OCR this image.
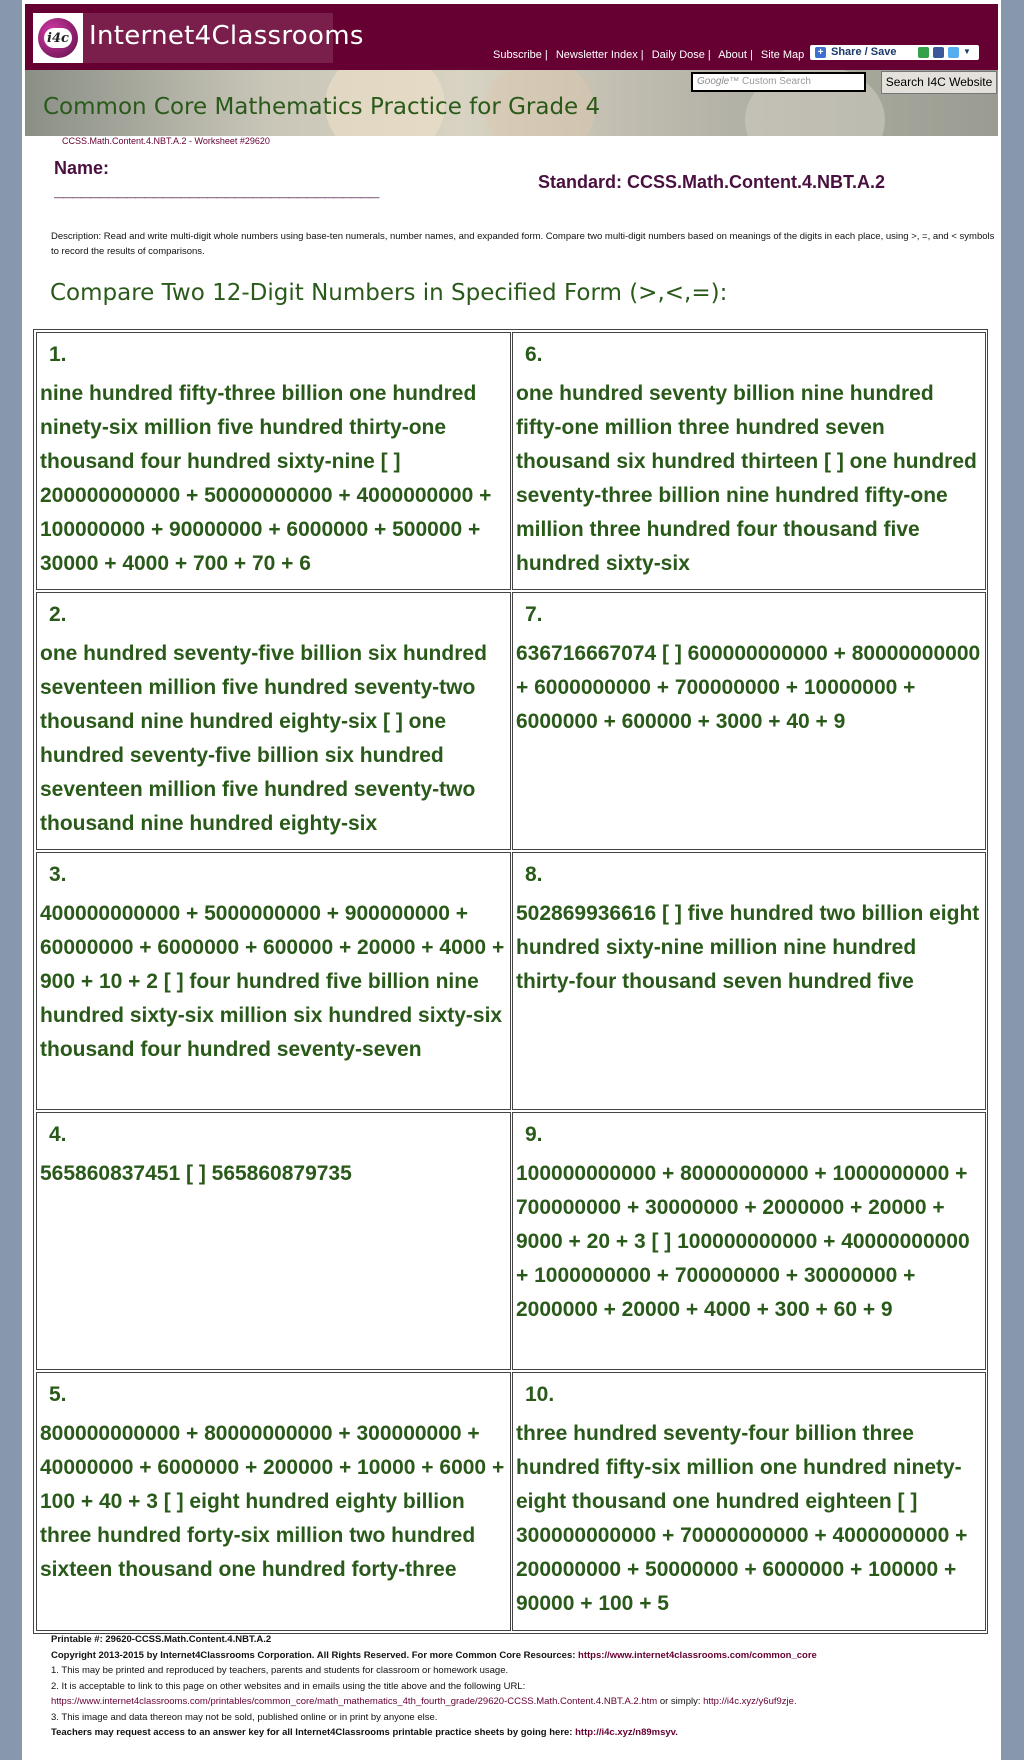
i4c Internet4Classrooms
Subscribe | Newsletter Index | Daily Dose | About | Site Map + Share / Save	▼
Google™ Custom Search	Search I4C Website
Common Core Mathematics Practice for Grade 4
CCSS.Math.Content.4.NBT.A.2 - Worksheet #29620
Name:
____________________________________	Standard: CCSS.Math.Content.4.NBT.A.2
Description: Read and write multi-digit whole numbers using base-ten numerals, number names, and expanded form. Compare two multi-digit numbers based on meanings of the digits in each place, using >, =, and < symbols to record the results of comparisons.
Compare Two 12-Digit Numbers in Specified Form (>,<,=):
1.
nine hundred fifty-three billion one hundred ninety-six million five hundred thirty-one thousand four hundred sixty-nine [ ] 200000000000 + 50000000000 + 4000000000 + 100000000 + 90000000 + 6000000 + 500000 + 30000 + 4000 + 700 + 70 + 6
6.
one hundred seventy billion nine hundred fifty-one million three hundred seven thousand six hundred thirteen [ ] one hundred seventy-three billion nine hundred fifty-one million three hundred four thousand five hundred sixty-six
2.
one hundred seventy-five billion six hundred seventeen million five hundred seventy-two thousand nine hundred eighty-six [ ] one hundred seventy-five billion six hundred seventeen million five hundred seventy-two thousand nine hundred eighty-six
7.
636716667074 [ ] 600000000000 + 80000000000 + 6000000000 + 700000000 + 10000000 + 6000000 + 600000 + 3000 + 40 + 9
3.
400000000000 + 5000000000 + 900000000 + 60000000 + 6000000 + 600000 + 20000 + 4000 + 900 + 10 + 2 [ ] four hundred five billion nine hundred sixty-six million six hundred sixty-six thousand four hundred seventy-seven
8.
502869936616 [ ] five hundred two billion eight hundred sixty-nine million nine hundred thirty-four thousand seven hundred five
4.
565860837451 [ ] 565860879735
9.
100000000000 + 80000000000 + 1000000000 + 700000000 + 30000000 + 2000000 + 20000 + 9000 + 20 + 3 [ ] 100000000000 + 40000000000 + 1000000000 + 700000000 + 30000000 + 2000000 + 20000 + 4000 + 300 + 60 + 9
5.
800000000000 + 80000000000 + 300000000 + 40000000 + 6000000 + 200000 + 10000 + 6000 + 100 + 40 + 3 [ ] eight hundred eighty billion three hundred forty-six million two hundred sixteen thousand one hundred forty-three
10.
three hundred seventy-four billion three hundred fifty-six million one hundred ninety-eight thousand one hundred eighteen [ ] 300000000000 + 70000000000 + 4000000000 + 200000000 + 50000000 + 6000000 + 100000 + 90000 + 100 + 5
Printable #: 29620-CCSS.Math.Content.4.NBT.A.2
Copyright 2013-2015 by Internet4Classrooms Corporation. All Rights Reserved. For more Common Core Resources: https://www.internet4classrooms.com/common_core
1. This may be printed and reproduced by teachers, parents and students for classroom or homework usage.
2. It is acceptable to link to this page on other websites and in emails using the title above and the following URL:
https://www.internet4classrooms.com/printables/common_core/math_mathematics_4th_fourth_grade/29620-CCSS.Math.Content.4.NBT.A.2.htm or simply: http://i4c.xyz/y6uf9zje.
3. This image and data thereon may not be sold, published online or in print by anyone else.
Teachers may request access to an answer key for all Internet4Classrooms printable practice sheets by going here: http://i4c.xyz/n89msyv.
